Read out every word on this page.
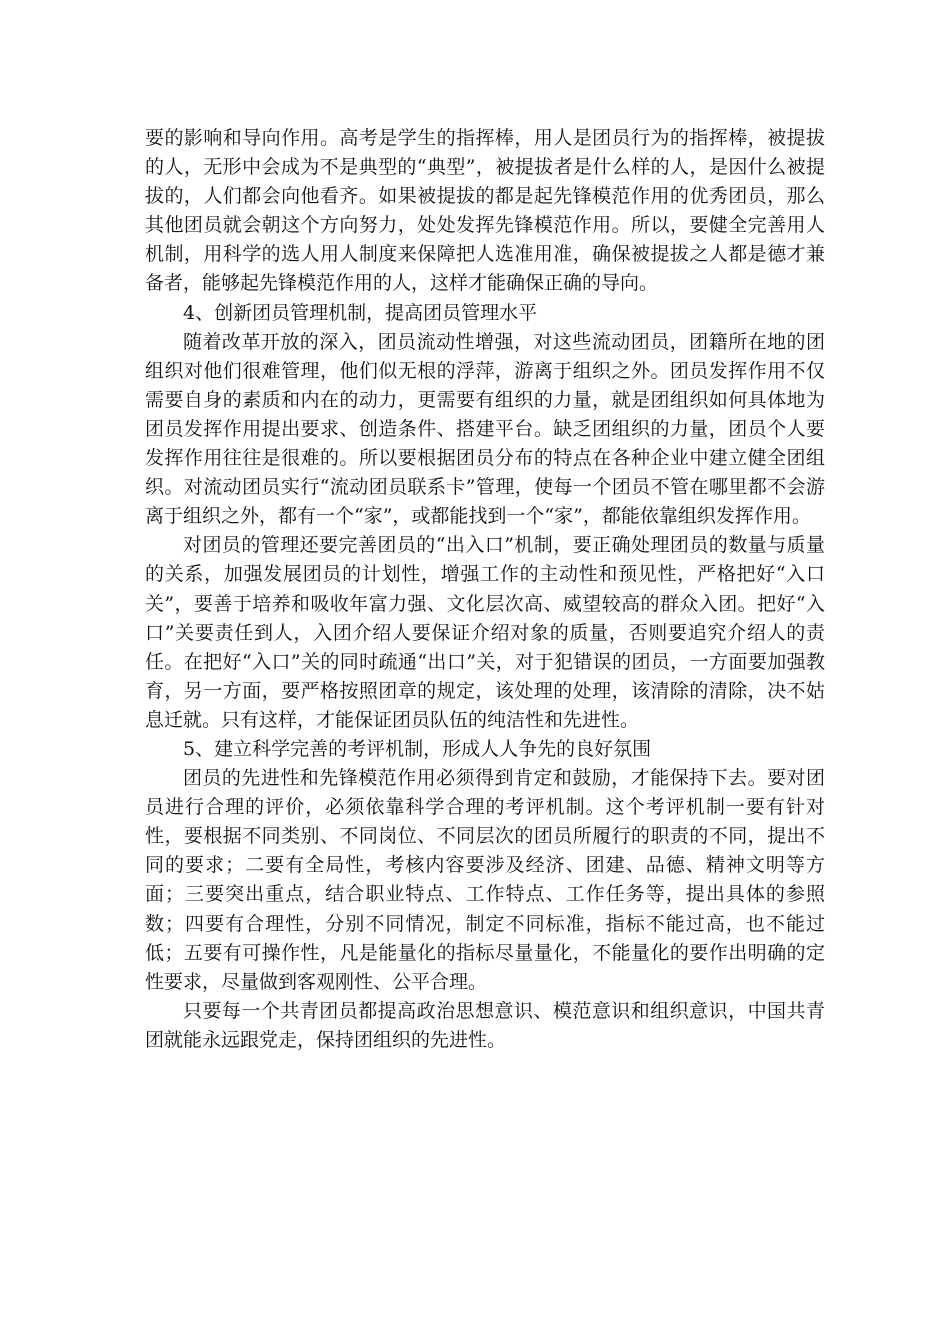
要的影响和导向作用。高考是学生的指挥棒，用人是团员行为的指挥棒，被提拔的人，无形中会成为不是典型的“典型”，被提拔者是什么样的人，是因什么被提拔的，人们都会向他看齐。如果被提拔的都是起先锋模范作用的优秀团员，那么其他团员就会朝这个方向努力，处处发挥先锋模范作用。所以，要健全完善用人机制，用科学的选人用人制度来保障把人选准用准，确保被提拔之人都是德才兼备者，能够起先锋模范作用的人，这样才能确保正确的导向。

4、创新团员管理机制，提高团员管理水平

随着改革开放的深入，团员流动性增强，对这些流动团员，团籍所在地的团组织对他们很难管理，他们似无根的浮萍，游离于组织之外。团员发挥作用不仅需要自身的素质和内在的动力，更需要有组织的力量，就是团组织如何具体地为团员发挥作用提出要求、创造条件、搭建平台。缺乏团组织的力量，团员个人要发挥作用往往是很难的。所以要根据团员分布的特点在各种企业中建立健全团组织。对流动团员实行“流动团员联系卡”管理，使每一个团员不管在哪里都不会游离于组织之外，都有一个“家”，或都能找到一个“家”，都能依靠组织发挥作用。

对团员的管理还要完善团员的“出入口”机制，要正确处理团员的数量与质量的关系，加强发展团员的计划性，增强工作的主动性和预见性，严格把好“入口关”，要善于培养和吸收年富力强、文化层次高、威望较高的群众入团。把好“入口”关要责任到人，入团介绍人要保证介绍对象的质量，否则要追究介绍人的责任。在把好“入口”关的同时疏通“出口”关，对于犯错误的团员，一方面要加强教育，另一方面，要严格按照团章的规定，该处理的处理，该清除的清除，决不姑息迁就。只有这样，才能保证团员队伍的纯洁性和先进性。

5、建立科学完善的考评机制，形成人人争先的良好氛围

团员的先进性和先锋模范作用必须得到肯定和鼓励，才能保持下去。要对团员进行合理的评价，必须依靠科学合理的考评机制。这个考评机制一要有针对性，要根据不同类别、不同岗位、不同层次的团员所履行的职责的不同，提出不同的要求；二要有全局性，考核内容要涉及经济、团建、品德、精神文明等方面；三要突出重点，结合职业特点、工作特点、工作任务等，提出具体的参照数；四要有合理性，分别不同情况，制定不同标准，指标不能过高，也不能过低；五要有可操作性，凡是能量化的指标尽量量化，不能量化的要作出明确的定性要求，尽量做到客观刚性、公平合理。

只要每一个共青团员都提高政治思想意识、模范意识和组织意识，中国共青团就能永远跟党走，保持团组织的先进性。
